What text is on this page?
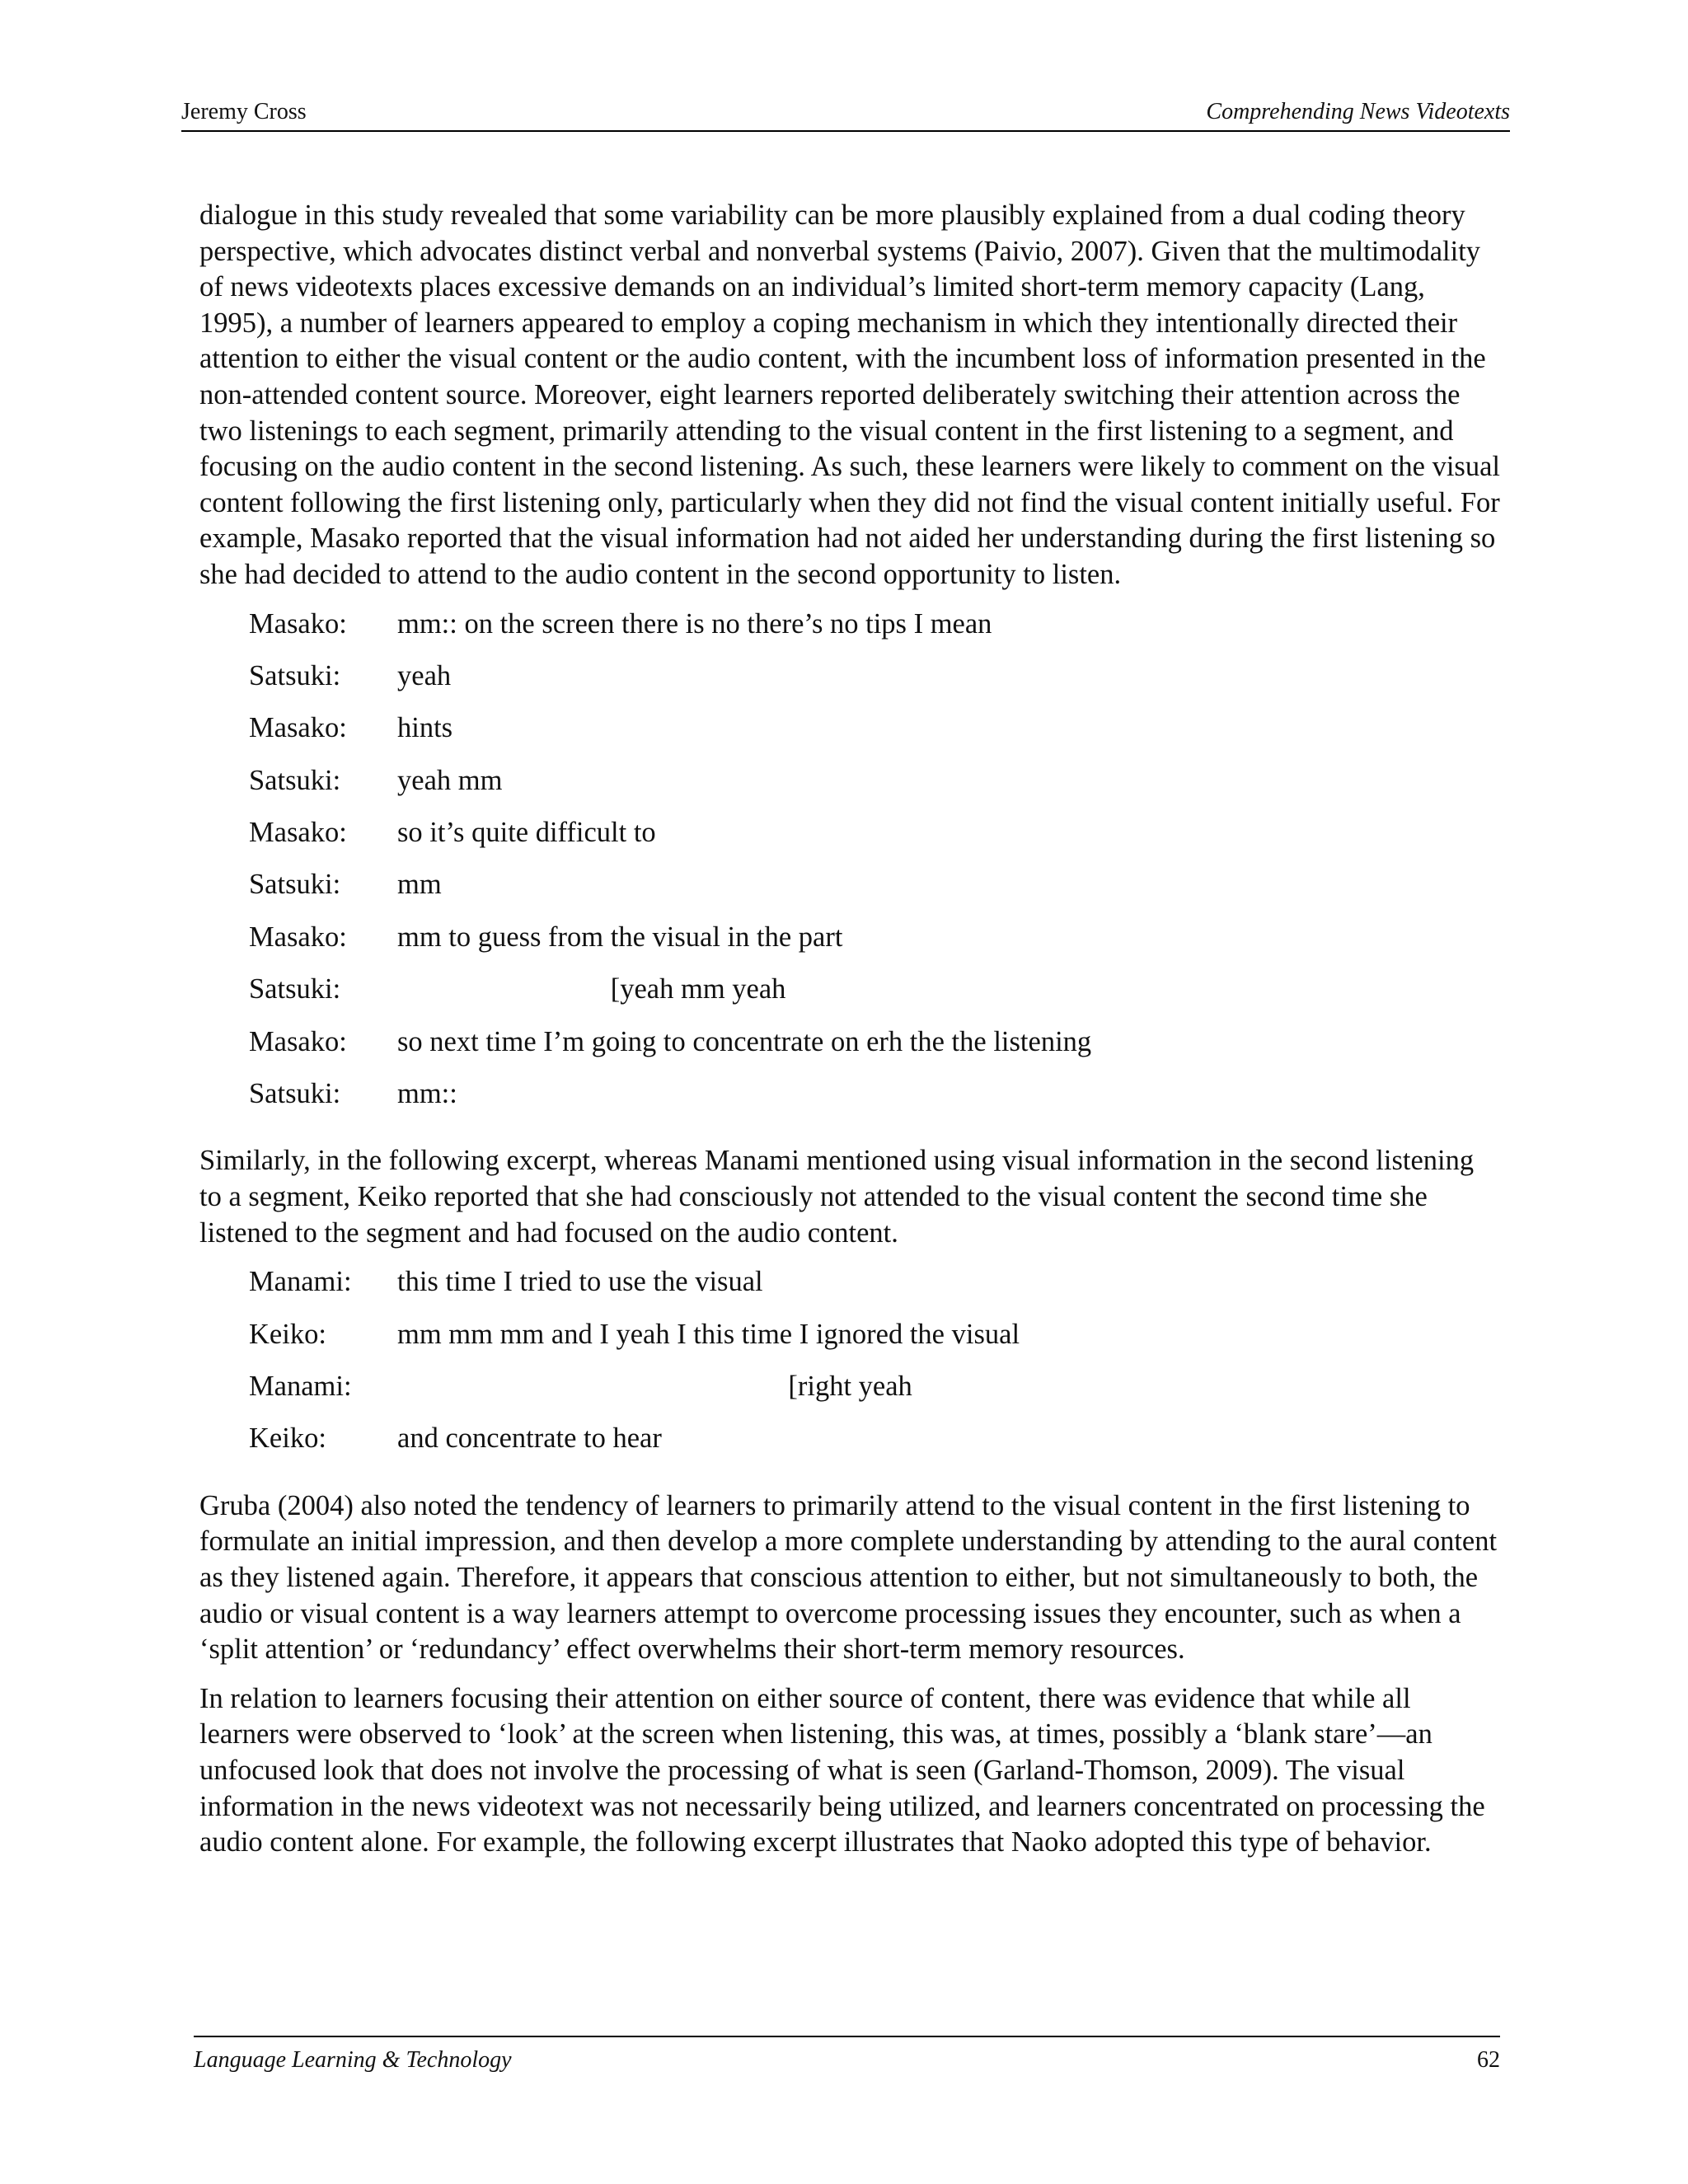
Jeremy Cross	Comprehending News Videotexts

dialogue in this study revealed that some variability can be more plausibly explained from a dual coding theory perspective, which advocates distinct verbal and nonverbal systems (Paivio, 2007). Given that the multimodality of news videotexts places excessive demands on an individual’s limited short-term memory capacity (Lang, 1995), a number of learners appeared to employ a coping mechanism in which they intentionally directed their attention to either the visual content or the audio content, with the incumbent loss of information presented in the non-attended content source. Moreover, eight learners reported deliberately switching their attention across the two listenings to each segment, primarily attending to the visual content in the first listening to a segment, and focusing on the audio content in the second listening. As such, these learners were likely to comment on the visual content following the first listening only, particularly when they did not find the visual content initially useful. For example, Masako reported that the visual information had not aided her understanding during the first listening so she had decided to attend to the audio content in the second opportunity to listen.

Masako:	mm:: on the screen there is no there’s no tips I mean
Satsuki:	yeah
Masako:	hints
Satsuki:	yeah mm
Masako:	so it’s quite difficult to
Satsuki:	mm
Masako:	mm to guess from the visual in the part
Satsuki:	[yeah mm yeah
Masako:	so next time I’m going to concentrate on erh the the listening
Satsuki:	mm::

Similarly, in the following excerpt, whereas Manami mentioned using visual information in the second listening to a segment, Keiko reported that she had consciously not attended to the visual content the second time she listened to the segment and had focused on the audio content.

Manami:	this time I tried to use the visual
Keiko:	mm mm mm and I yeah I this time I ignored the visual
Manami:	[right yeah
Keiko:	and concentrate to hear

Gruba (2004) also noted the tendency of learners to primarily attend to the visual content in the first listening to formulate an initial impression, and then develop a more complete understanding by attending to the aural content as they listened again. Therefore, it appears that conscious attention to either, but not simultaneously to both, the audio or visual content is a way learners attempt to overcome processing issues they encounter, such as when a ‘split attention’ or ‘redundancy’ effect overwhelms their short-term memory resources.

In relation to learners focusing their attention on either source of content, there was evidence that while all learners were observed to ‘look’ at the screen when listening, this was, at times, possibly a ‘blank stare’—an unfocused look that does not involve the processing of what is seen (Garland-Thomson, 2009). The visual information in the news videotext was not necessarily being utilized, and learners concentrated on processing the audio content alone. For example, the following excerpt illustrates that Naoko adopted this type of behavior.

Language Learning & Technology	62
